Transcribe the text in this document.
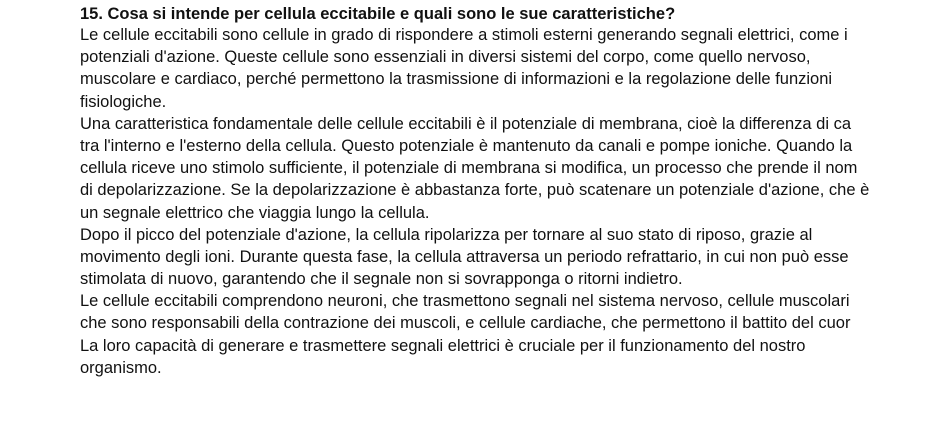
15. Cosa si intende per cellula eccitabile e quali sono le sue caratteristiche?
Le cellule eccitabili sono cellule in grado di rispondere a stimoli esterni generando segnali elettrici, come i
potenziali d'azione. Queste cellule sono essenziali in diversi sistemi del corpo, come quello nervoso,
muscolare e cardiaco, perché permettono la trasmissione di informazioni e la regolazione delle funzioni
fisiologiche.
Una caratteristica fondamentale delle cellule eccitabili è il potenziale di membrana, cioè la differenza di ca
tra l'interno e l'esterno della cellula. Questo potenziale è mantenuto da canali e pompe ioniche. Quando la
cellula riceve uno stimolo sufficiente, il potenziale di membrana si modifica, un processo che prende il nom
di depolarizzazione. Se la depolarizzazione è abbastanza forte, può scatenare un potenziale d'azione, che è
un segnale elettrico che viaggia lungo la cellula.
Dopo il picco del potenziale d'azione, la cellula ripolarizza per tornare al suo stato di riposo, grazie al
movimento degli ioni. Durante questa fase, la cellula attraversa un periodo refrattario, in cui non può esse
stimolata di nuovo, garantendo che il segnale non si sovrapponga o ritorni indietro.
Le cellule eccitabili comprendono neuroni, che trasmettono segnali nel sistema nervoso, cellule muscolari
che sono responsabili della contrazione dei muscoli, e cellule cardiache, che permettono il battito del cuor
La loro capacità di generare e trasmettere segnali elettrici è cruciale per il funzionamento del nostro
organismo.
